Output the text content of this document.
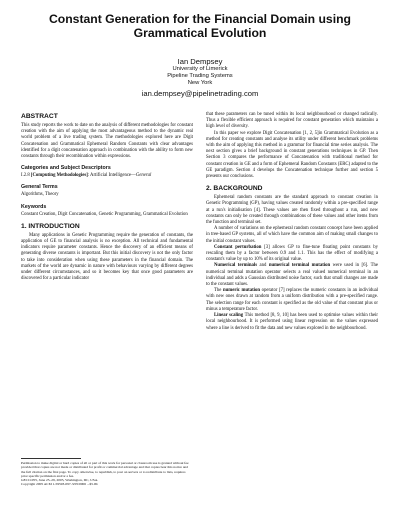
Constant Generation for the Financial Domain using Grammatical Evolution
Ian Dempsey
University of Limerick
Pipeline Trading Systems
New York
ian.dempsey@pipelinetrading.com
ABSTRACT

This study reports the work to date on the analysis of different methodologies for constant creation with the aim of applying the most advantageous method to the dynamic real world problem of a live trading system. The methodologies explored here are Digit Concatenation and Grammatical Ephemeral Random Constants with clear advantages identified for a digit concatenation approach in combination with the ability to form new constants through their recombination within expressions.

Categories and Subject Descriptors

I.2.8 [Computing Methodologies]: Artificial Intelligence—General

General Terms

Algorithms, Theory

Keywords

Constant Creation, Digit Concatenation, Genetic Programming, Grammatical Evolution

1. INTRODUCTION

Many applications in Genetic Programming require the generation of constants, the application of GE to financial analysis is no exception. All technical and fundamental indicators require parameter constants. Hence the discovery of an efficient means of generating diverse constants is important. But this initial discovery is not the only factor to take into consideration when using these parameters in the financial domain. The markets of the world are dynamic in nature with behaviours varying by different degrees under different circumstances, and so it becomes key that once good parameters are discovered for a particular indicator

Permission to make digital or hard copies of all or part of this work for personal or classroom use is granted without fee provided that copies are not made or distributed for profit or commercial advantage and that copies bear this notice and the full citation on the first page. To copy otherwise, to republish, to post on servers or to redistribute to lists, requires prior specific permission and/or a fee.
GECCO'05, June 25–29, 2005, Washington, DC, USA.
Copyright 2005 ACM 1-59593-097-3/05/0006 ...$5.00.

that these parameters can be tuned within its local neighbourhood or changed radically. Thus a flexible efficient approach is required for constant generation which maintains a high level of diversity.

In this paper we explore Digit Concatenation [1, 2, 5]in Grammatical Evolution as a method for creating constants and analyse its utility under different benchmark problems with the aim of applying this method in a grammar for financial time series analysis. The next section gives a brief background in constant generations techniques in GP. Then Section 3 compares the performance of Concatenation with traditional method for constant creation in GE and a form of Ephemeral Random Constants (ERC) adapted to the GE paradigm. Section 4 develops the Concatenation technique further and section 5 presents our conclusions.

2. BACKGROUND

Ephemeral random constants are the standard approach to constant creation in Genetic Programming (GP), having values created randomly within a pre-specified range at a run's initialisation [4]. These values are then fixed throughout a run, and new constants can only be created through combinations of these values and other items from the function and terminal set.

A number of variations on the ephemeral random constant concept have been applied in tree-based GP systems, all of which have the common aim of making small changes to the initial constant values.

Constant perturbation [3] allows GP to fine-tune floating point constants by rescaling them by a factor between 0.9 and 1.1. This has the effect of modifying a constant's value by up to 10% of its original value.

Numerical terminals and numerical terminal mutation were used in [6]. The numerical terminal mutation operator selects a real valued numerical terminal in an individual and adds a Gaussian distributed noise factor, such that small changes are made to the constant values.

The numeric mutation operator [7] replaces the numeric constants in an individual with new ones drawn at random from a uniform distribution with a pre-specified range. The selection range for each constant is specified as the old value of that constant plus or minus a temperature factor.

Linear scaling This method [8, 9, 10] has been used to optimise values within their local neighbourhood. It is performed using linear regression on the values expressed where a line is derived to fit the data and new values explored in the neighbourhood.
